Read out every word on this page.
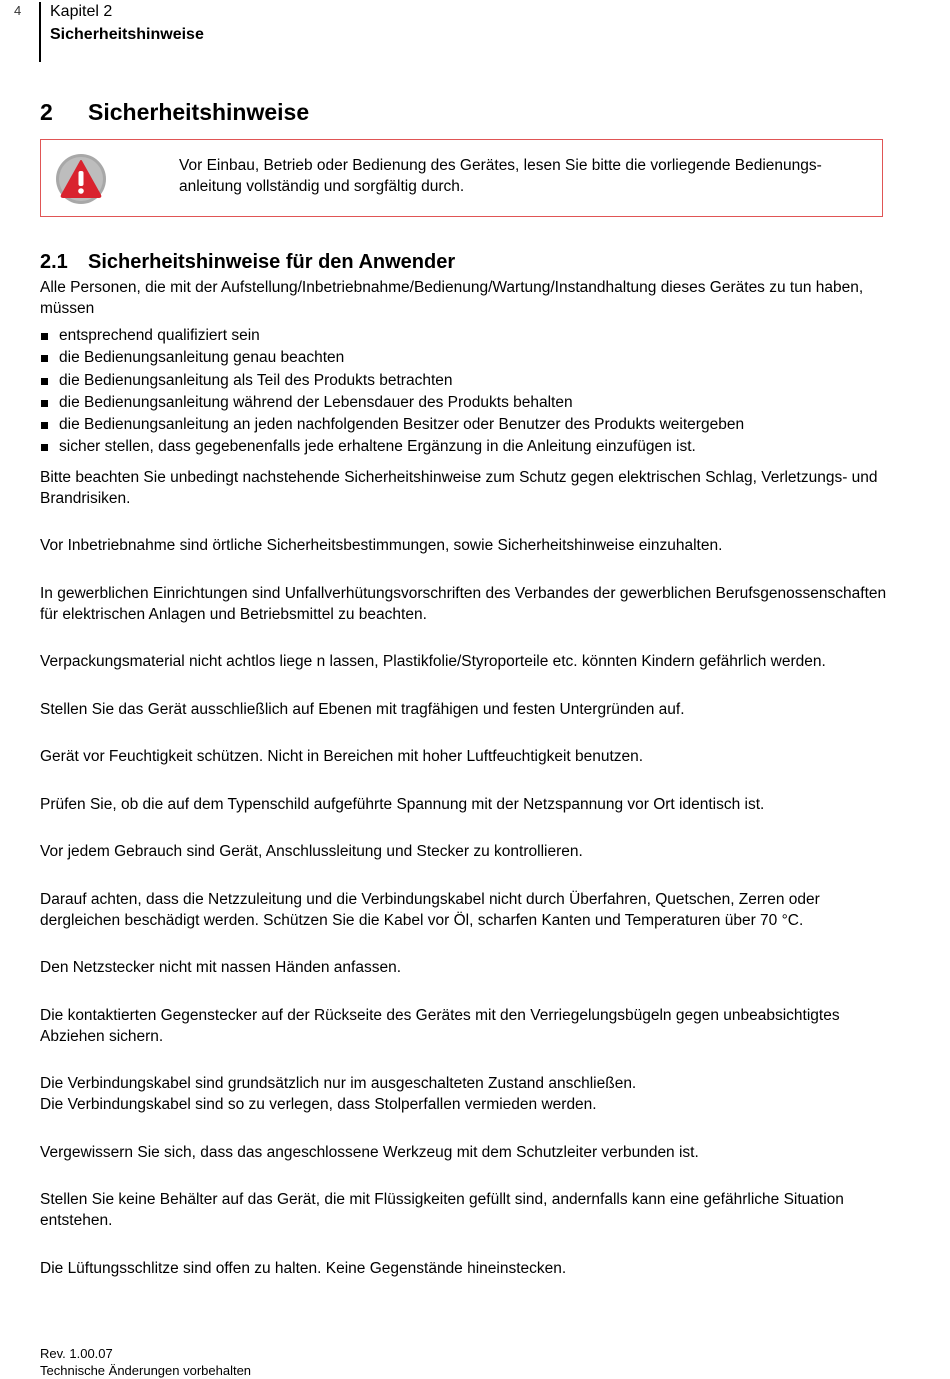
4 Kapitel 2
Sicherheitshinweise
2 Sicherheitshinweise
Vor Einbau, Betrieb oder Bedienung des Gerätes, lesen Sie bitte die vorliegende Bedienungs-anleitung vollständig und sorgfältig durch.
2.1 Sicherheitshinweise für den Anwender
Alle Personen, die mit der Aufstellung/Inbetriebnahme/Bedienung/Wartung/Instandhaltung dieses Gerätes zu tun haben, müssen
entsprechend qualifiziert sein
die Bedienungsanleitung genau beachten
die Bedienungsanleitung als Teil des Produkts betrachten
die Bedienungsanleitung während der Lebensdauer des Produkts behalten
die Bedienungsanleitung an jeden nachfolgenden Besitzer oder Benutzer des Produkts weitergeben
sicher stellen, dass gegebenenfalls jede erhaltene Ergänzung in die Anleitung einzufügen ist.
Bitte beachten Sie unbedingt nachstehende Sicherheitshinweise zum Schutz gegen elektrischen Schlag, Verletzungs- und Brandrisiken.
Vor Inbetriebnahme sind örtliche Sicherheitsbestimmungen, sowie Sicherheitshinweise einzuhalten.
In gewerblichen Einrichtungen sind Unfallverhütungsvorschriften des Verbandes der gewerblichen Berufsgenossenschaften für elektrischen Anlagen und Betriebsmittel zu beachten.
Verpackungsmaterial nicht achtlos liege n lassen, Plastikfolie/Styroporteile etc. könnten Kindern gefährlich werden.
Stellen Sie das Gerät ausschließlich auf Ebenen mit tragfähigen und festen Untergründen auf.
Gerät vor Feuchtigkeit schützen. Nicht in Bereichen mit hoher Luftfeuchtigkeit benutzen.
Prüfen Sie, ob die auf dem Typenschild aufgeführte Spannung mit der Netzspannung vor Ort identisch ist.
Vor jedem Gebrauch sind Gerät, Anschlussleitung und Stecker zu kontrollieren.
Darauf achten, dass die Netzzuleitung und die Verbindungskabel nicht durch Überfahren, Quetschen, Zerren oder dergleichen beschädigt werden. Schützen Sie die Kabel vor Öl, scharfen Kanten und Temperaturen über 70 °C.
Den Netzstecker nicht mit nassen Händen anfassen.
Die kontaktierten Gegenstecker auf der Rückseite des Gerätes mit den Verriegelungsbügeln gegen unbeabsichtigtes Abziehen sichern.
Die Verbindungskabel sind grundsätzlich nur im ausgeschalteten Zustand anschließen.
Die Verbindungskabel sind so zu verlegen, dass Stolperfallen vermieden werden.
Vergewissern Sie sich, dass das angeschlossene Werkzeug mit dem Schutzleiter verbunden ist.
Stellen Sie keine Behälter auf das Gerät, die mit Flüssigkeiten gefüllt sind, andernfalls kann eine gefährliche Situation entstehen.
Die Lüftungsschlitze sind offen zu halten. Keine Gegenstände hineinstecken.
Rev. 1.00.07
Technische Änderungen vorbehalten
